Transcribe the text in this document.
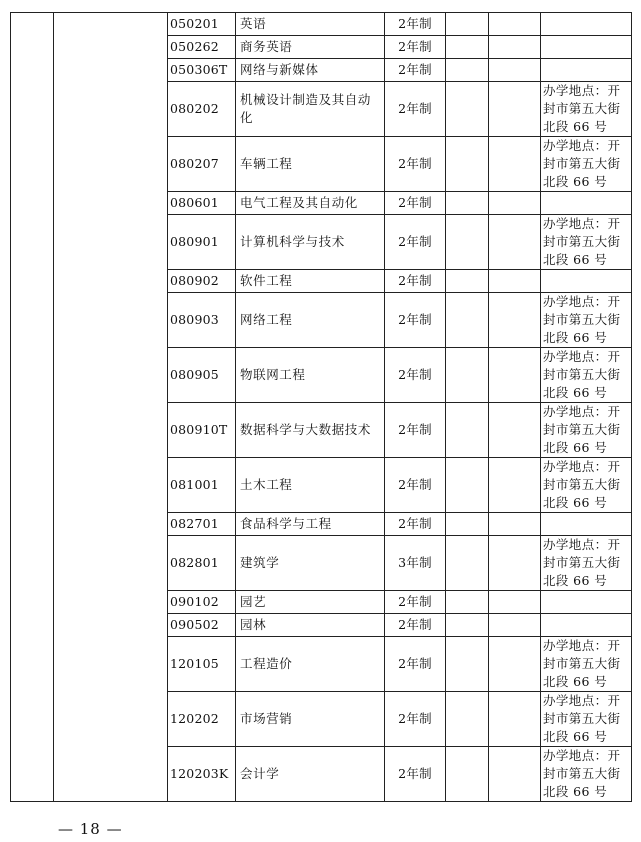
		050201	英语	2年制			
		050262	商务英语	2年制			
		050306T	网络与新媒体	2年制			
		080202	机械设计制造及其自动化	2年制			办学地点：开
封市第五大街
北段 66 号

		080207	车辆工程	2年制			办学地点：开
封市第五大街
北段 66 号

		080601	电气工程及其自动化	2年制			
		080901	计算机科学与技术	2年制			办学地点：开
封市第五大街
北段 66 号

		080902	软件工程	2年制			
		080903	网络工程	2年制			办学地点：开
封市第五大街
北段 66 号

		080905	物联网工程	2年制			办学地点：开
封市第五大街
北段 66 号

		080910T	数据科学与大数据技术	2年制			办学地点：开
封市第五大街
北段 66 号

		081001	土木工程	2年制			办学地点：开
封市第五大街
北段 66 号

		082701	食品科学与工程	2年制			
		082801	建筑学	3年制			办学地点：开
封市第五大街
北段 66 号

		090102	园艺	2年制			
		090502	园林	2年制			
		120105	工程造价	2年制			办学地点：开
封市第五大街
北段 66 号

		120202	市场营销	2年制			办学地点：开
封市第五大街
北段 66 号

		120203K	会计学	2年制			办学地点：开
封市第五大街
北段 66 号
— 18 —
